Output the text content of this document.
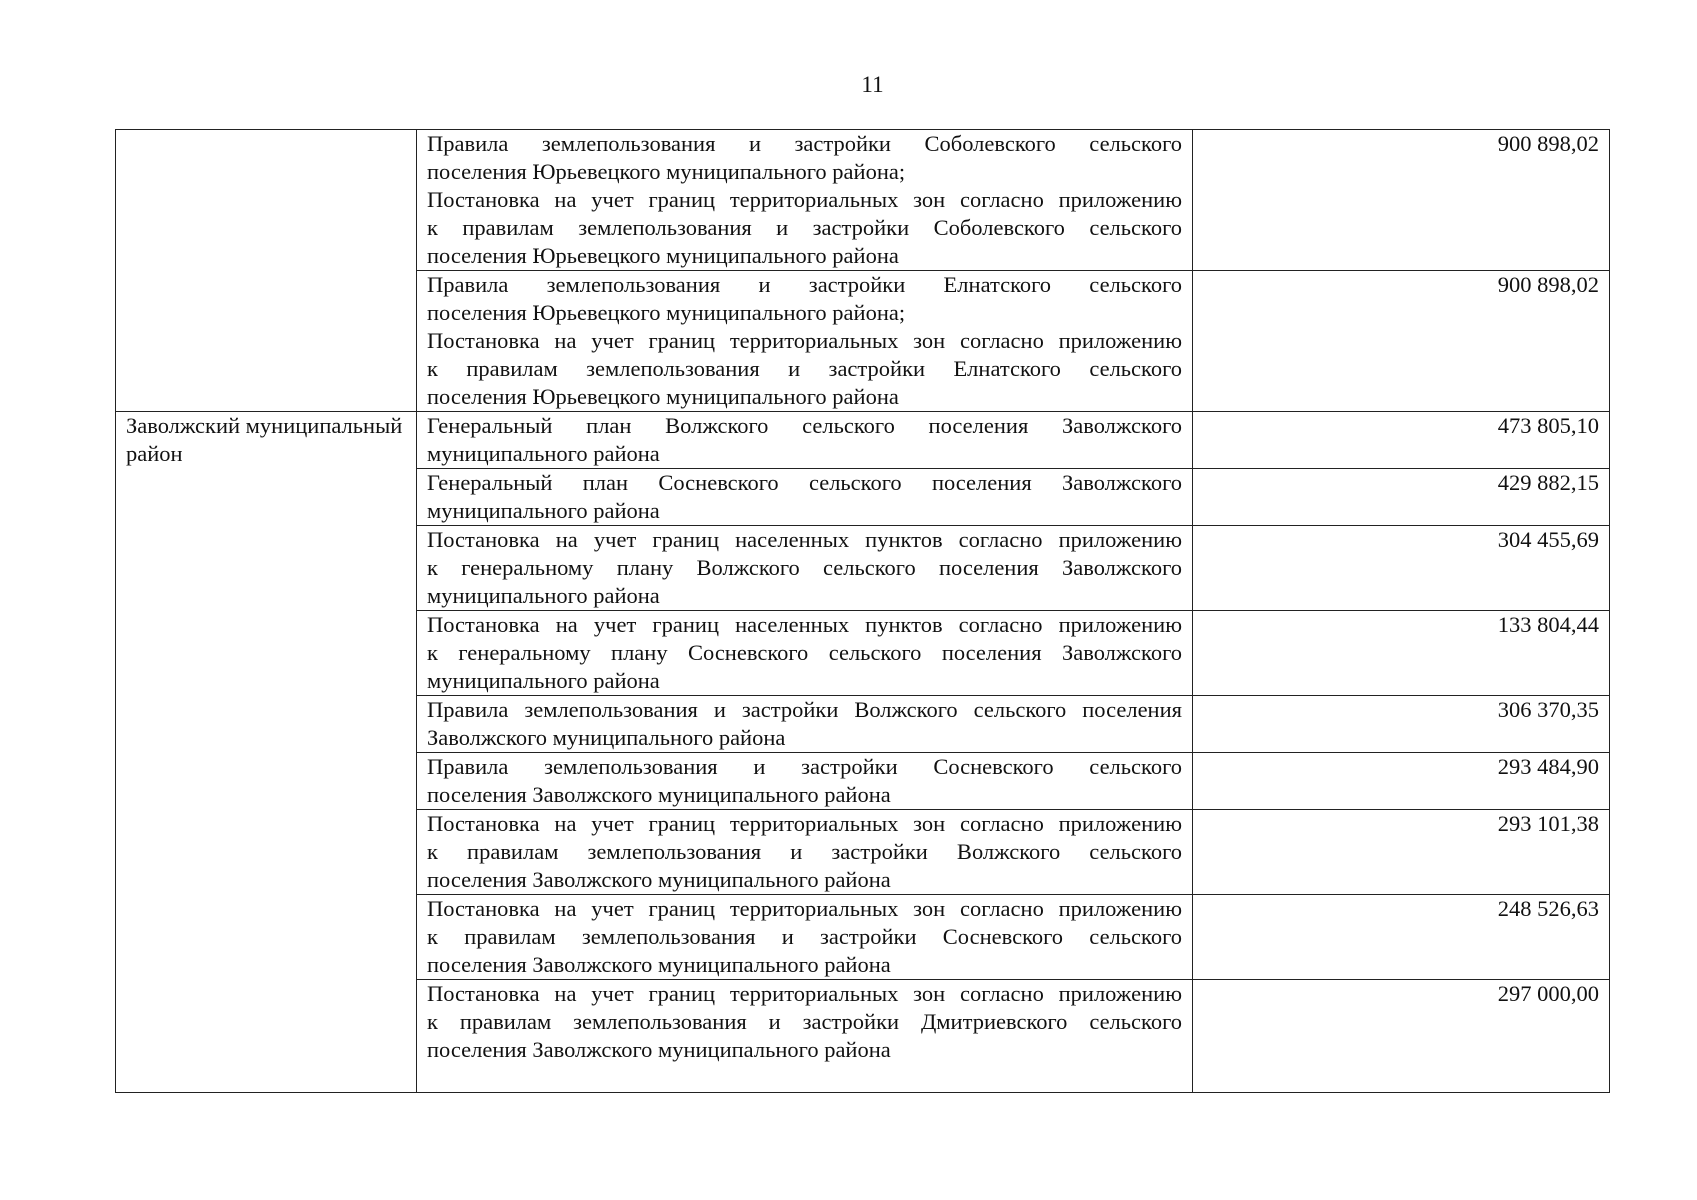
11

	Правила землепользования и застройки Соболевского сельского
поселения Юрьевецкого муниципального района;
Постановка на учет границ территориальных зон согласно приложению
к правилам землепользования и застройки Соболевского сельского
поселения Юрьевецкого муниципального района	900 898,02

	Правила землепользования и застройки Елнатского сельского
поселения Юрьевецкого муниципального района;
Постановка на учет границ территориальных зон согласно приложению
к правилам землепользования и застройки Елнатского сельского
поселения Юрьевецкого муниципального района	900 898,02
Заволжский муниципальный район	Генеральный план Волжского сельского поселения Заволжского
муниципального района	473 805,10

	Генеральный план Сосневского сельского поселения Заволжского
муниципального района	429 882,15

	Постановка на учет границ населенных пунктов согласно приложению
к генеральному плану Волжского сельского поселения Заволжского
муниципального района	304 455,69

	Постановка на учет границ населенных пунктов согласно приложению
к генеральному плану Сосневского сельского поселения Заволжского
муниципального района	133 804,44

	Правила землепользования и застройки Волжского сельского поселения
Заволжского муниципального района	306 370,35

	Правила землепользования и застройки Сосневского сельского
поселения Заволжского муниципального района	293 484,90

	Постановка на учет границ территориальных зон согласно приложению
к правилам землепользования и застройки Волжского сельского
поселения Заволжского муниципального района	293 101,38

	Постановка на учет границ территориальных зон согласно приложению
к правилам землепользования и застройки Сосневского сельского
поселения Заволжского муниципального района	248 526,63

	Постановка на учет границ территориальных зон согласно приложению
к правилам землепользования и застройки Дмитриевского сельского
поселения Заволжского муниципального района	297 000,00
